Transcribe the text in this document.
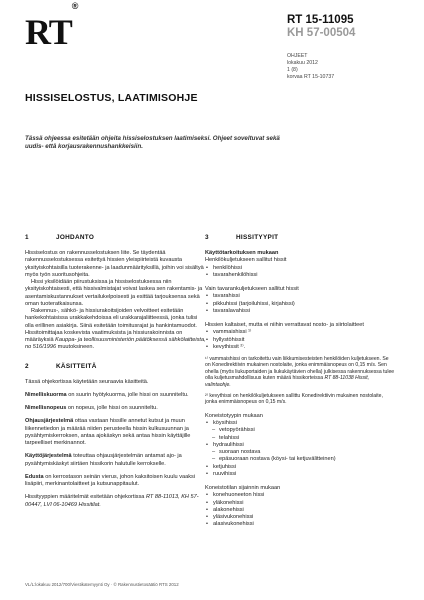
RT®
RT 15-11095
KH 57-00504
OHJEET
lokakuu 2012
1 (8)
korvaa RT 15-10737
HISSISELOSTUS, LAATIMISOHJE

Tässä ohjeessa esitetään ohjeita hissiselostuksen laatimiseksi. Ohjeet soveltuvat sekä uudis- että korjausrakennushankkeisiin.

1	JOHDANTO

Hissiselostus on rakennusselostuksen liite. Se täydentää rakennusselostuksessa esitettyä hissien yleispiirteistä kuvausta yksityiskohtaisilla tuoterakenne- ja laadunmäärityksillä, joihin voi sisältyä myös työn suoritusohjeita.

Hissi yksilöidään piirustuksissa ja hissiselostuksessa niin yksityiskohtaisesti, että hissivalmistajat voivat laskea sen rakentamis- ja asentamiskustannukset vertailukelpoisesti ja esittää tarjouksensa sekä oman tuoteratkaisunsa.

Rakennus-, sähkö- ja hissiurakoitsijoiden velvoitteet esitetään hankekohtaisissa urakkakehdoissa eli urakkarajaliitteessä, jonka tulisi olla erillinen asiakirja. Siinä esitetään toimitusrajat ja hankintamuodot. Hissitoimittajaa koskevista vaatimuksista ja hissiurakoinnista on määräyksiä Kauppa- ja teollisuusministeriön päätöksessä sähkölaitteista, no 516/1996 muutoksineen.

2	KÄSITTEITÄ

Tässä ohjekortissa käytetään seuraavia käsitteitä.

Nimelliskuorma on suurin hyötykuorma, jolle hissi on suunniteltu.

Nimellisnopeus on nopeus, jolle hissi on suunniteltu.

Ohjausjärjestelmä ottaa vastaan hissille annetut kutsut ja muun liikennetiedon ja määrää niiden perusteella hissin kulkusuunnan ja pysähtymiskerroksen, antaa ajokäskyn sekä antaa hissin käyttäjille tarpeelliset merkinannot.

Käyttöjärjestelmä toteuttaa ohjausjärjestelmän antamat ajo- ja pysähtymiskäskyt siirtäen hissikorin halutulle kerrokselle.

Edusta on kerrostason seinän vierus, johon kaksitoisen kuulu vaaksi lisäpiiri, merkinantolaitteet ja kutsunappitaulut.

Hissityyppien määritelmät esitetään ohjekortissa RT 88-11013, KH 57-00447, LVI 06-10469 Hissitilat.

3	HISSITYYPIT

Käyttötarkoituksen mukaan

Henkilökuljetukseen sallitut hissit

• henkilöhissi
• tavarahenkilöhissi

Vain tavarankuljetukseen sallitut hissit

• tavarahissi
• pikkuhissi (tarjoiluhissi, kirjahissi)
• tavaralavahissi

Hissien kaltaiset, mutta ei niihin verrattavat nosto- ja siirtolaitteet

• vammaishissi ¹⁾
• hyllystöhissit
• kevythissit ²⁾.

¹⁾ vammaishissi on tarkoitettu vain liikkumisesteisten henkilöiden kuljetukseen. Se on Konedirektiivin mukainen nostolaite, jonka enimmäisnopeus on 0,15 m/s. Sen ohella (myös liukuportaiden ja liukukäytävien ohella) julkisessa rakennuksessa tulee olla kuljetusmahdollisuus kuten määrä hissikorteissa RT 88-11038 Hissit, valintaohje.

²⁾ kevythissi on henkilökuljetukseen sallittu Konedirektiivin mukainen nostolaite, jonka enimmäisnopeus on 0,15 m/s.

Koneistotyypin mukaan

• köysihissi
– vetopyörähissi
– telahissi
• hydraulihissi
– suoraan nostava
– epäsuoraan nostava (köysi- tai ketjuvälitteinen)
• ketjuhissi
• ruuvihissi

Koneistotilan sijainnin mukaan

• konehuoneeton hissi
• yläkonehissi
• alakonehissi
• yläsivukonehissi
• alasivukonehissi
VL/L:lokakuu 2012/700/Viestikatemyynti Oy · © Rakennustietosäätiö RTS 2012
